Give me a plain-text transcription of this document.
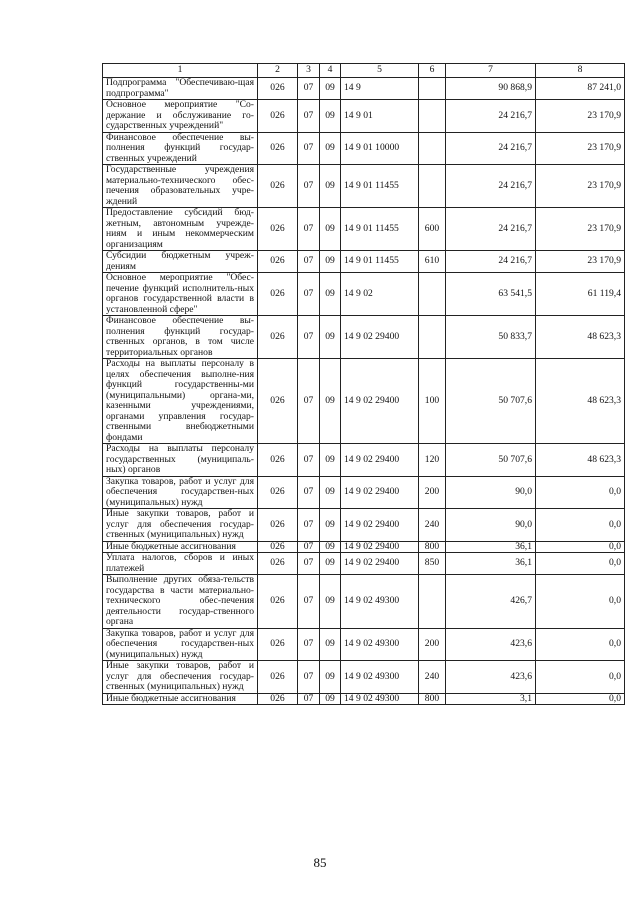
1	2	3	4	5	6	7	8
Подпрограмма "Обеспечиваю-щая подпрограмма"	026	07	09	14 9		90 868,9	87 241,0
Основное мероприятие "Со-держание и обслуживание го-сударственных учреждений"	026	07	09	14 9 01		24 216,7	23 170,9
Финансовое обеспечение вы-полнения функций государ-ственных учреждений	026	07	09	14 9 01 10000		24 216,7	23 170,9
Государственные учреждения материально-технического обес-печения образовательных учре-ждений	026	07	09	14 9 01 11455		24 216,7	23 170,9
Предоставление субсидий бюд-жетным, автономным учрежде-ниям и иным некоммерческим организациям	026	07	09	14 9 01 11455	600	24 216,7	23 170,9
Субсидии бюджетным учреж-дениям	026	07	09	14 9 01 11455	610	24 216,7	23 170,9
Основное мероприятие "Обес-печение функций исполнитель-ных органов государственной власти в установленной сфере"	026	07	09	14 9 02		63 541,5	61 119,4
Финансовое обеспечение вы-полнения функций государ-ственных органов, в том числе территориальных органов	026	07	09	14 9 02 29400		50 833,7	48 623,3
Расходы на выплаты персоналу в целях обеспечения выполне-ния функций государственны-ми (муниципальными) органа-ми, казенными учреждениями, органами управления государ-ственными внебюджетными фондами	026	07	09	14 9 02 29400	100	50 707,6	48 623,3
Расходы на выплаты персоналу государственных (муниципаль-ных) органов	026	07	09	14 9 02 29400	120	50 707,6	48 623,3
Закупка товаров, работ и услуг для обеспечения государствен-ных (муниципальных) нужд	026	07	09	14 9 02 29400	200	90,0	0,0
Иные закупки товаров, работ и услуг для обеспечения государ-ственных (муниципальных) нужд	026	07	09	14 9 02 29400	240	90,0	0,0
Иные бюджетные ассигнования	026	07	09	14 9 02 29400	800	36,1	0,0
Уплата налогов, сборов и иных платежей	026	07	09	14 9 02 29400	850	36,1	0,0
Выполнение других обяза-тельств государства в части материально-технического обес-печения деятельности государ-ственного органа	026	07	09	14 9 02 49300		426,7	0,0
Закупка товаров, работ и услуг для обеспечения государствен-ных (муниципальных) нужд	026	07	09	14 9 02 49300	200	423,6	0,0
Иные закупки товаров, работ и услуг для обеспечения государ-ственных (муниципальных) нужд	026	07	09	14 9 02 49300	240	423,6	0,0
Иные бюджетные ассигнования	026	07	09	14 9 02 49300	800	3,1	0,0
85
